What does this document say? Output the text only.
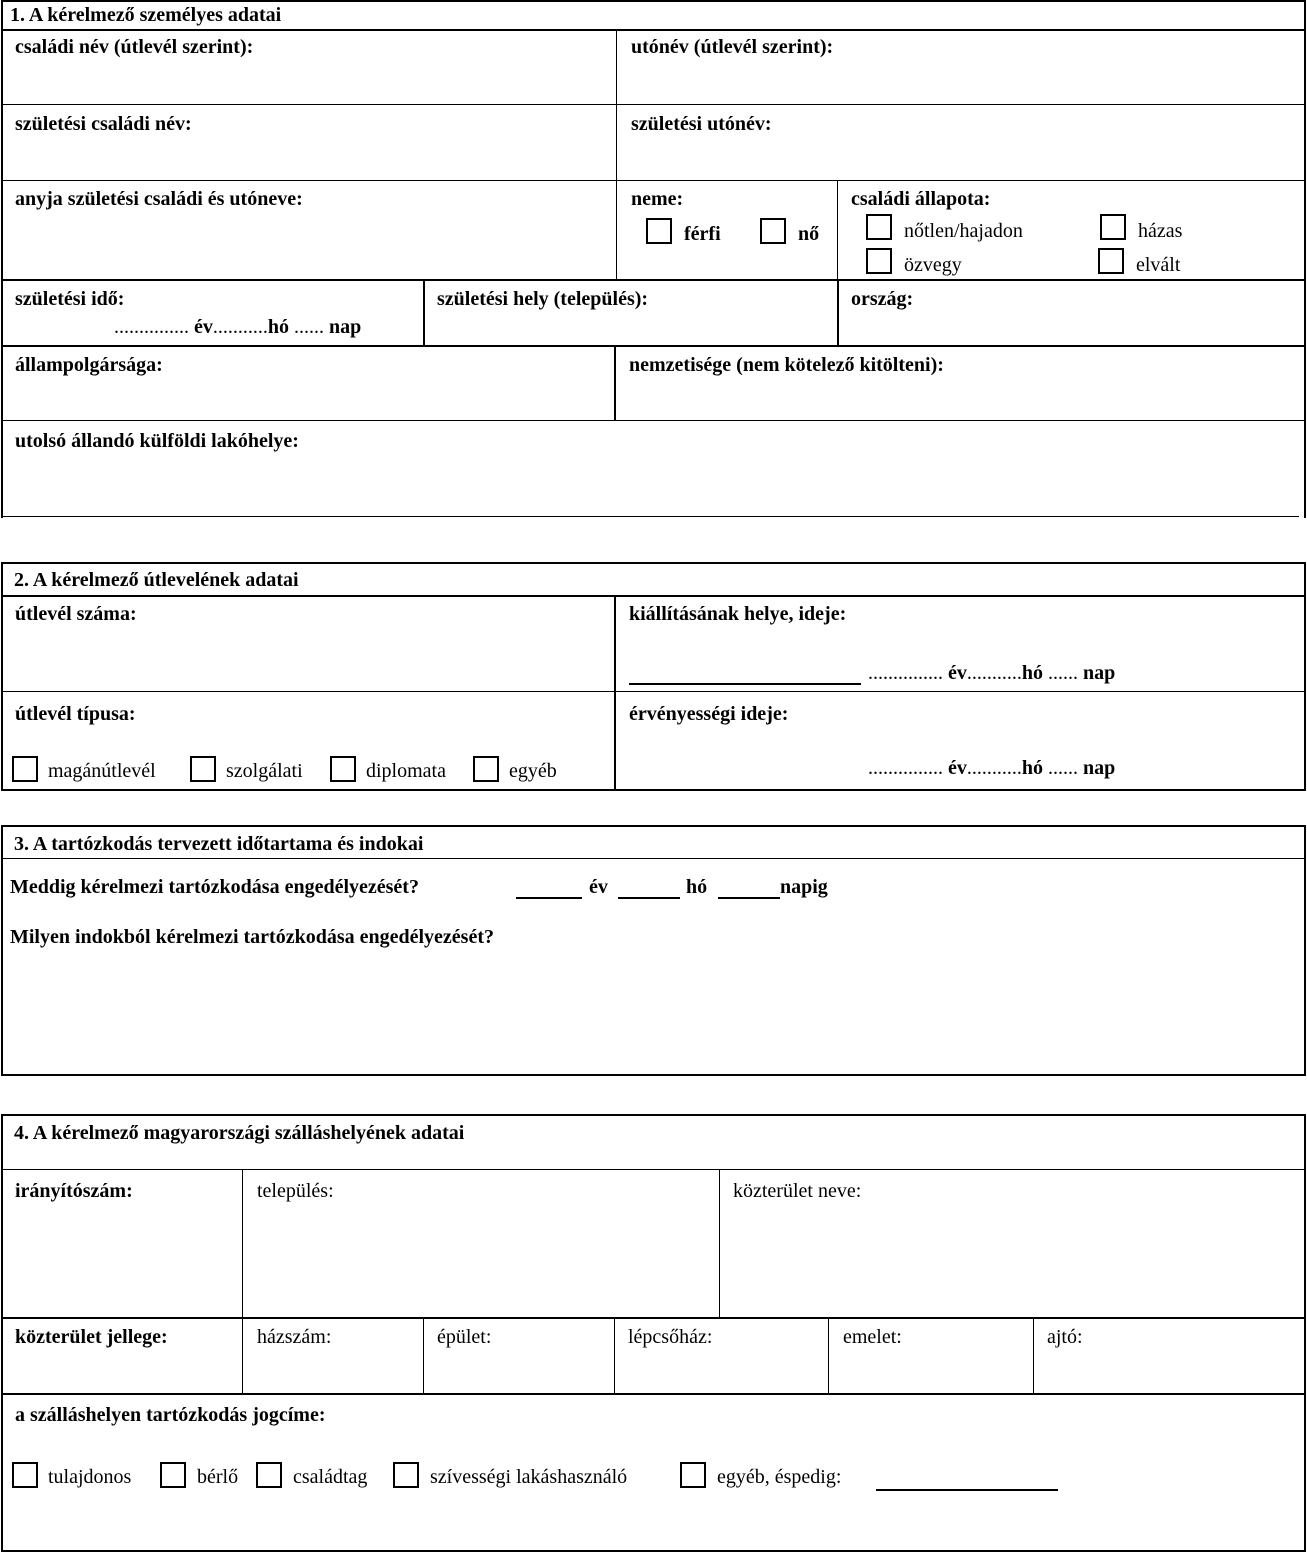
1. A kérelmező személyes adatai
családi név (útlevél szerint):	utónév (útlevél szerint):
születési családi név:	születési utónév:
anyja születési családi és utóneve:	neme:
férfi	nő
családi állapota:
nőtlen/hajadon	házas
özvegy	elvált
születési idő:
............... év...........hó ...... nap
születési hely (település):	ország:
állampolgársága:	nemzetisége (nem kötelező kitölteni):
utolsó állandó külföldi lakóhelye:
2. A kérelmező útlevelének adatai
útlevél száma:	kiállításának helye, ideje:
............... év...........hó ...... nap
útlevél típusa:
magánútlevél	szolgálati	diplomata	egyéb
érvényességi ideje:
............... év...........hó ...... nap
3. A tartózkodás tervezett időtartama és indokai
Meddig kérelmezi tartózkodása engedélyezését?	év	hó	napig
Milyen indokból kérelmezi tartózkodása engedélyezését?
4. A kérelmező magyarországi szálláshelyének adatai
irányítószám:	település:	közterület neve:
közterület jellege:	házszám:	épület:	lépcsőház:	emelet:	ajtó:
a szálláshelyen tartózkodás jogcíme:
tulajdonos	bérlő	családtag	szívességi lakáshasználó	egyéb, éspedig:
